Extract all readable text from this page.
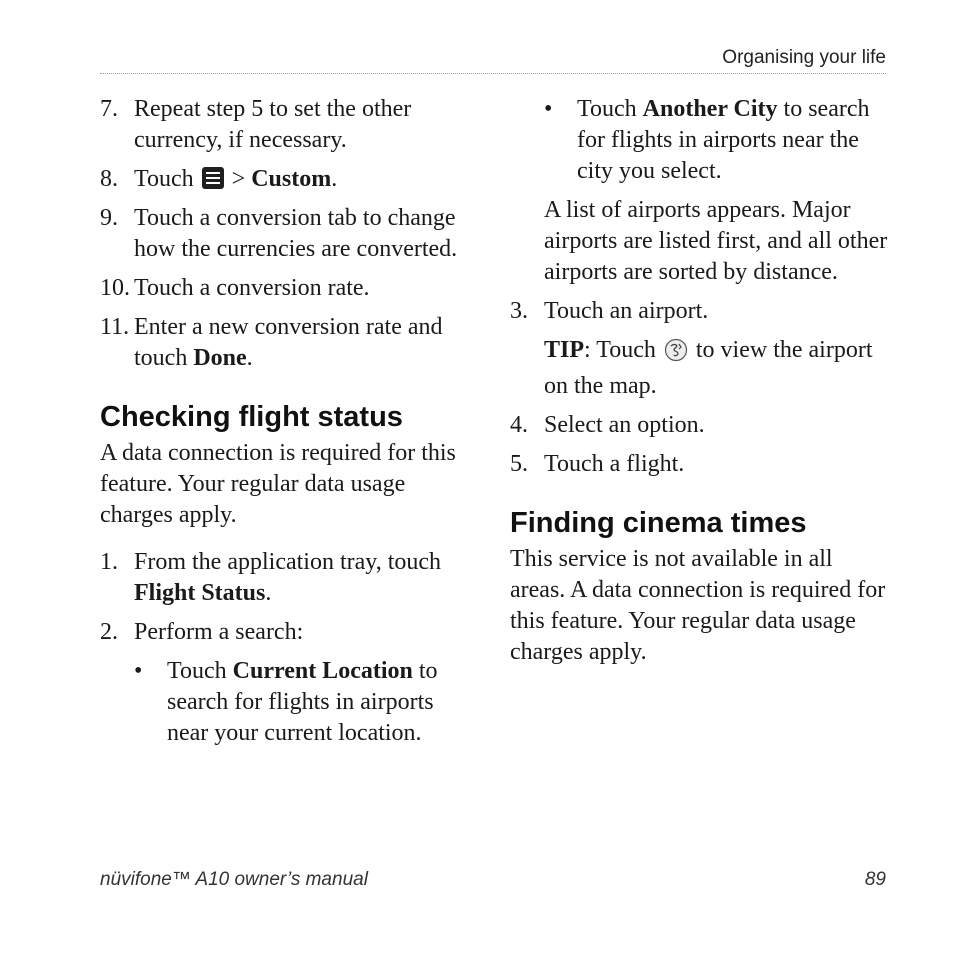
Organising your life
7. Repeat step 5 to set the other currency, if necessary.
8. Touch > Custom.
9. Touch a conversion tab to change how the currencies are converted.
10. Touch a conversion rate.
11. Enter a new conversion rate and touch Done.
Checking flight status
A data connection is required for this feature. Your regular data usage charges apply.
1. From the application tray, touch Flight Status.
2. Perform a search:
• Touch Current Location to search for flights in airports near your current location.
• Touch Another City to search for flights in airports near the city you select.
A list of airports appears. Major airports are listed first, and all other airports are sorted by distance.
3. Touch an airport.
TIP: Touch to view the airport on the map.
4. Select an option.
5. Touch a flight.
Finding cinema times
This service is not available in all areas. A data connection is required for this feature. Your regular data usage charges apply.
nüvifone™ A10 owner’s manual	89
